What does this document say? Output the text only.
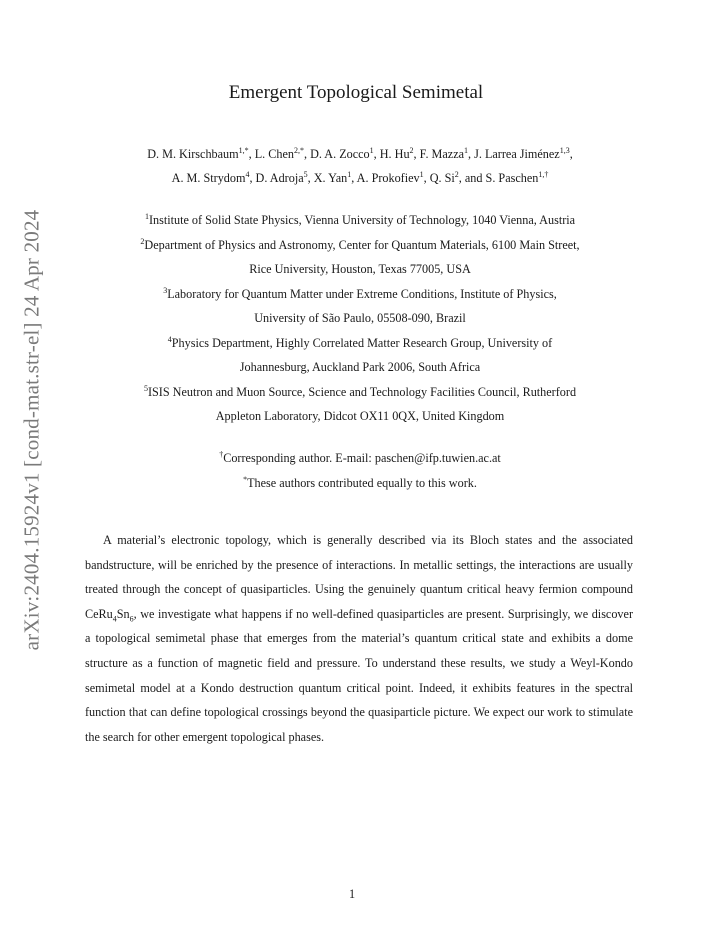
arXiv:2404.15924v1 [cond-mat.str-el] 24 Apr 2024
Emergent Topological Semimetal
D. M. Kirschbaum$^{1,*}$, L. Chen$^{2,*}$, D. A. Zocco$^1$, H. Hu$^2$, F. Mazza$^1$, J. Larrea Jiménez$^{1,3}$,
A. M. Strydom$^4$, D. Adroja$^5$, X. Yan$^1$, A. Prokofiev$^1$, Q. Si$^2$, and S. Paschen$^{1,\dagger}$
$^1$Institute of Solid State Physics, Vienna University of Technology, 1040 Vienna, Austria
$^2$Department of Physics and Astronomy, Center for Quantum Materials, 6100 Main Street,
Rice University, Houston, Texas 77005, USA
$^3$Laboratory for Quantum Matter under Extreme Conditions, Institute of Physics,
University of São Paulo, 05508-090, Brazil
$^4$Physics Department, Highly Correlated Matter Research Group, University of
Johannesburg, Auckland Park 2006, South Africa
$^5$ISIS Neutron and Muon Source, Science and Technology Facilities Council, Rutherford
Appleton Laboratory, Didcot OX11 0QX, United Kingdom
†Corresponding author. E-mail: paschen@ifp.tuwien.ac.at
*These authors contributed equally to this work.

A material’s electronic topology, which is generally described via its Bloch states and the associated bandstructure, will be enriched by the presence of interactions. In metallic settings, the interactions are usually treated through the concept of quasiparticles. Using the genuinely quantum critical heavy fermion compound $CeRu_4Sn_6$, we investigate what happens if no well-defined quasiparticles are present. Surprisingly, we discover a topological semimetal phase that emerges from the material’s quantum critical state and exhibits a dome structure as a function of magnetic field and pressure. To understand these results, we study a Weyl-Kondo semimetal model at a Kondo destruction quantum critical point. Indeed, it exhibits features in the spectral function that can define topological crossings beyond the quasiparticle picture. We expect our work to stimulate the search for other emergent topological phases.

1
